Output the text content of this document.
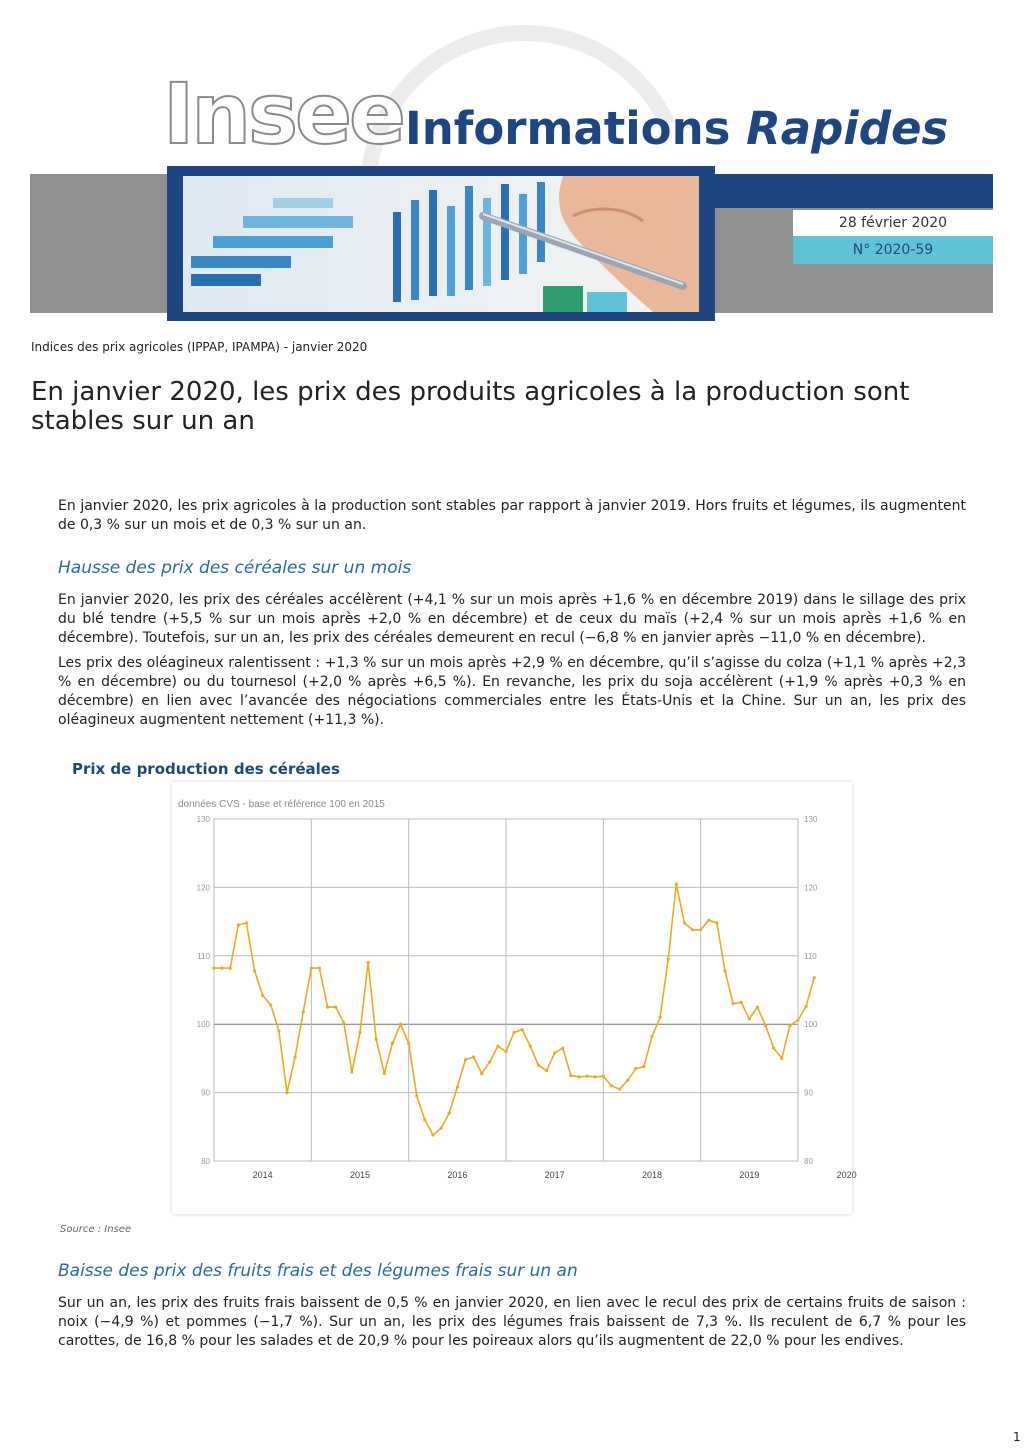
Insee Informations Rapides
28 février 2020
N° 2020-59
Indices des prix agricoles (IPPAP, IPAMPA) - janvier 2020
En janvier 2020, les prix des produits agricoles à la production sont stables sur un an

En janvier 2020, les prix agricoles à la production sont stables par rapport à janvier 2019. Hors fruits et légumes, ils augmentent de 0,3 % sur un mois et de 0,3 % sur un an.

Hausse des prix des céréales sur un mois

En janvier 2020, les prix des céréales accélèrent (+4,1 % sur un mois après +1,6 % en décembre 2019) dans le sillage des prix du blé tendre (+5,5 % sur un mois après +2,0 % en décembre) et de ceux du maïs (+2,4 % sur un mois après +1,6 % en décembre). Toutefois, sur un an, les prix des céréales demeurent en recul (−6,8 % en janvier après −11,0 % en décembre).

Les prix des oléagineux ralentissent : +1,3 % sur un mois après +2,9 % en décembre, qu’il s’agisse du colza (+1,1 % après +2,3 % en décembre) ou du tournesol (+2,0 % après +6,5 %). En revanche, les prix du soja accélèrent (+1,9 % après +0,3 % en décembre) en lien avec l’avancée des négociations commerciales entre les États-Unis et la Chine. Sur un an, les prix des oléagineux augmentent nettement (+11,3 %).

Prix de production des céréales
données CVS - base et référence 100 en 2015
80	80
90	90
100	100
110	110
120	120
130	130
2014	2015	2016	2017	2018	2019	2020
Source : Insee
Baisse des prix des fruits frais et des légumes frais sur un an

Sur un an, les prix des fruits frais baissent de 0,5 % en janvier 2020, en lien avec le recul des prix de certains fruits de saison : noix (−4,9 %) et pommes (−1,7 %). Sur un an, les prix des légumes frais baissent de 7,3 %. Ils reculent de 6,7 % pour les carottes, de 16,8 % pour les salades et de 20,9 % pour les poireaux alors qu’ils augmentent de 22,0 % pour les endives.

1
